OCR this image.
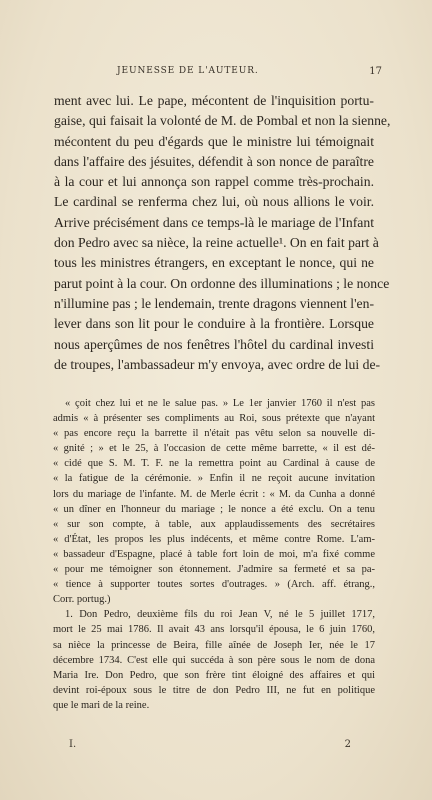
JEUNESSE DE L'AUTEUR.	17
ment avec lui. Le pape, mécontent de l'inquisition portu-
gaise, qui faisait la volonté de M. de Pombal et non la sienne,
mécontent du peu d'égards que le ministre lui témoignait
dans l'affaire des jésuites, défendit à son nonce de paraître
à la cour et lui annonça son rappel comme très-prochain.
Le cardinal se renferma chez lui, où nous allions le voir.
Arrive précisément dans ce temps-là le mariage de l'Infant
don Pedro avec sa nièce, la reine actuelle¹. On en fait part à
tous les ministres étrangers, en exceptant le nonce, qui ne
parut point à la cour. On ordonne des illuminations ; le nonce
n'illumine pas ; le lendemain, trente dragons viennent l'en-
lever dans son lit pour le conduire à la frontière. Lorsque
nous aperçûmes de nos fenêtres l'hôtel du cardinal investi
de troupes, l'ambassadeur m'y envoya, avec ordre de lui de-
« çoit chez lui et ne le salue pas. » Le 1er janvier 1760 il n'est pas
admis « à présenter ses compliments au Roi, sous prétexte que n'ayant
« pas encore reçu la barrette il n'était pas vêtu selon sa nouvelle di-
« gnité ; » et le 25, à l'occasion de cette même barrette, « il est dé-
« cidé que S. M. T. F. ne la remettra point au Cardinal à cause de
« la fatigue de la cérémonie. » Enfin il ne reçoit aucune invitation
lors du mariage de l'infante. M. de Merle écrit : « M. da Cunha a donné
« un dîner en l'honneur du mariage ; le nonce a été exclu. On a tenu
« sur son compte, à table, aux applaudissements des secrétaires
« d'État, les propos les plus indécents, et même contre Rome. L'am-
« bassadeur d'Espagne, placé à table fort loin de moi, m'a fixé comme
« pour me témoigner son étonnement. J'admire sa fermeté et sa pa-
« tience à supporter toutes sortes d'outrages. » (Arch. aff. étrang.,
Corr. portug.)
1. Don Pedro, deuxième fils du roi Jean V, né le 5 juillet 1717,
mort le 25 mai 1786. Il avait 43 ans lorsqu'il épousa, le 6 juin 1760,
sa nièce la princesse de Beira, fille aînée de Joseph Ier, née le 17
décembre 1734. C'est elle qui succéda à son père sous le nom de dona
Maria Ire. Don Pedro, que son frère tint éloigné des affaires et qui
devint roi-époux sous le titre de don Pedro III, ne fut en politique
que le mari de la reine.
I.	2
